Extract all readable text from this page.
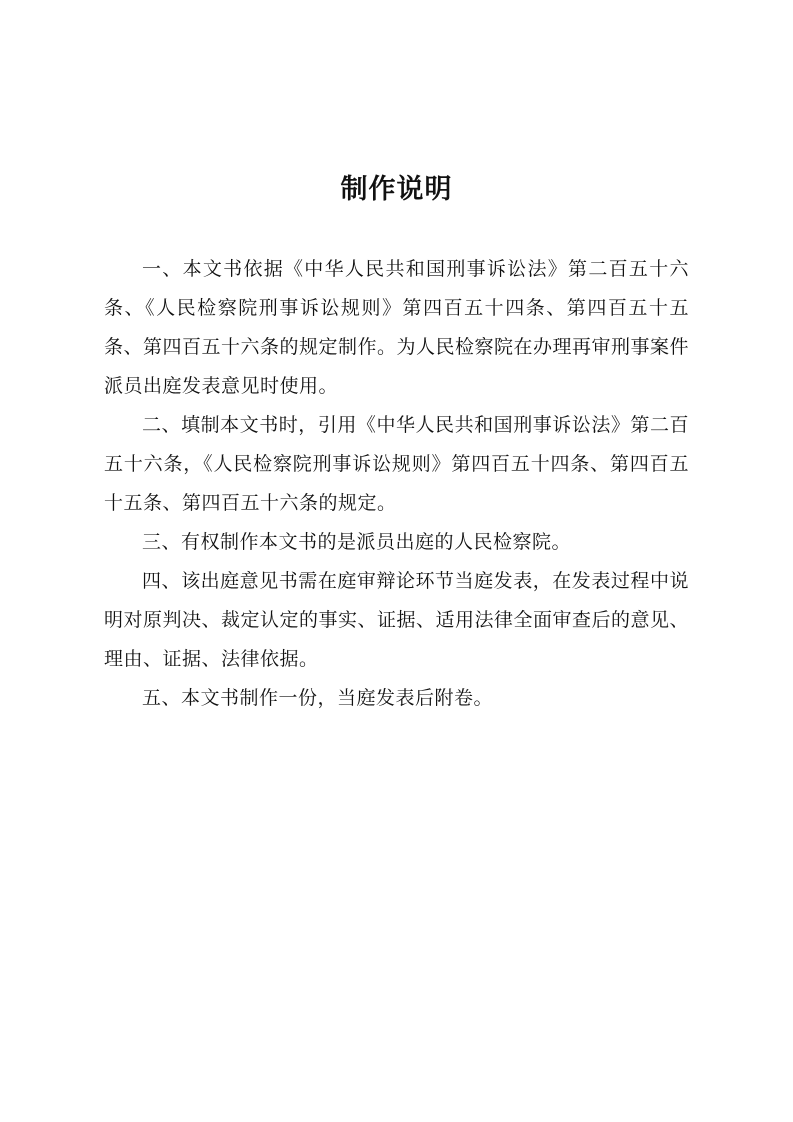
制作说明

一、本文书依据《中华人民共和国刑事诉讼法》第二百五十六条、《人民检察院刑事诉讼规则》第四百五十四条、第四百五十五条、第四百五十六条的规定制作。为人民检察院在办理再审刑事案件派员出庭发表意见时使用。

二、填制本文书时，引用《中华人民共和国刑事诉讼法》第二百五十六条，《人民检察院刑事诉讼规则》第四百五十四条、第四百五十五条、第四百五十六条的规定。

三、有权制作本文书的是派员出庭的人民检察院。

四、该出庭意见书需在庭审辩论环节当庭发表，在发表过程中说明对原判决、裁定认定的事实、证据、适用法律全面审查后的意见、理由、证据、法律依据。

五、本文书制作一份，当庭发表后附卷。
